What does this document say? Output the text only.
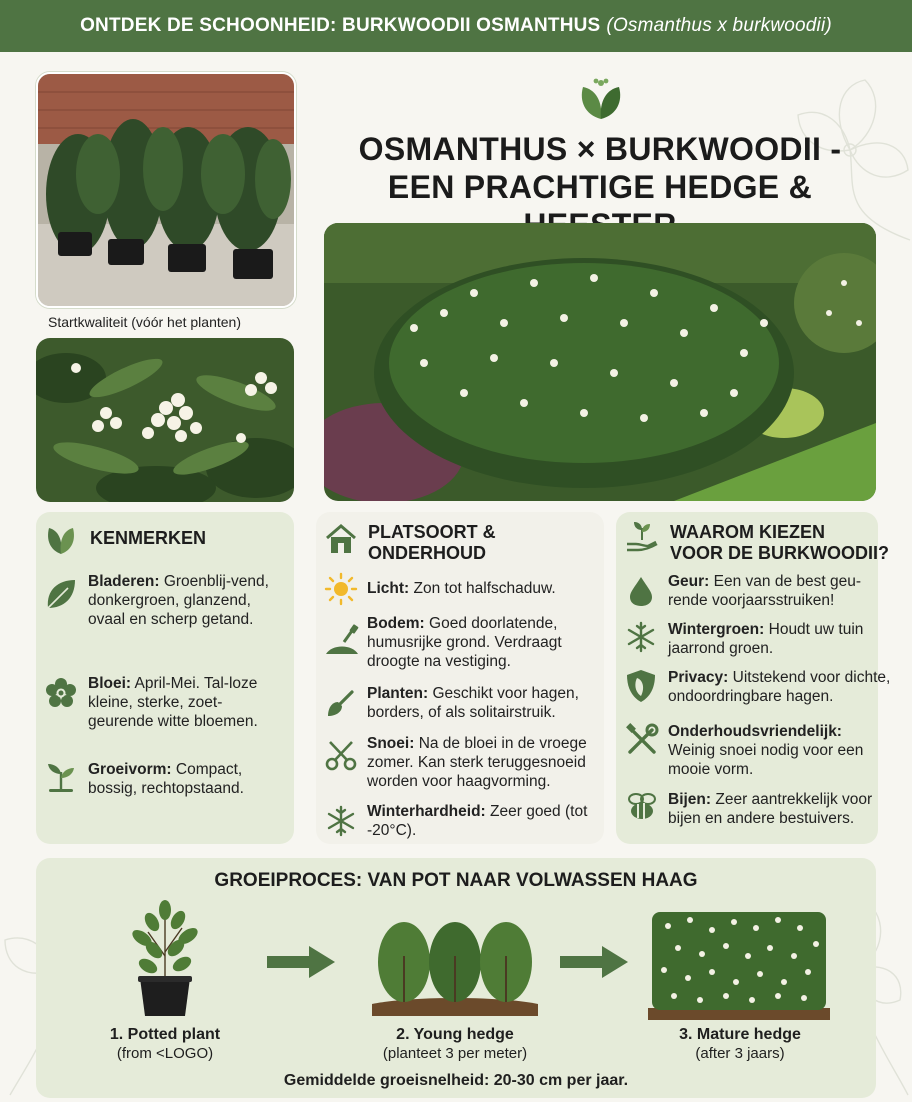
ONTDEK DE SCHOONHEID: BURKWOODII OSMANTHUS (Osmanthus x burkwoodii)
Startkwaliteit (vóór het planten)
OSMANTHUS × BURKWOODII -
EEN PRACHTIGE HEDGE &
KENMERKEN
Bladeren: Groenblij-vend, donkergroen, glanzend, ovaal en scherp getand.
Bloei: April-Mei. Tal-loze kleine, sterke, zoet-geurende witte bloemen.
Groeivorm: Compact, bossig, rechtopstaand.
PLATSOORT &
ONDERHOUD
Licht: Zon tot halfschaduw.
Bodem: Goed doorlatende, humusrijke grond. Verdraagt droogte na vestiging.
Planten: Geschikt voor hagen, borders, of als solitairstruik.
Snoei: Na de bloei in de vroege zomer. Kan sterk teruggesnoeid worden voor haagvorming.
Winterhardheid: Zeer goed (tot -20°C).
WAAROM KIEZEN
VOOR DE BURKWOODII?
Geur: Een van de best geu-rende voorjaarsstruiken!
Wintergroen: Houdt uw tuin jaarrond groen.
Privacy: Uitstekend voor dichte, ondoordringbare hagen.
Onderhoudsvriendelijk: Weinig snoei nodig voor een mooie vorm.
Bijen: Zeer aantrekkelijk voor bijen en andere bestuivers.
GROEIPROCES: VAN POT NAAR VOLWASSEN HAAG
1. Potted plant
(from <LOGO)
2. Young hedge
(planteet 3 per meter)
3. Mature hedge
(after 3 jaars)
Gemiddelde groeisnelheid: 20-30 cm per jaar.
